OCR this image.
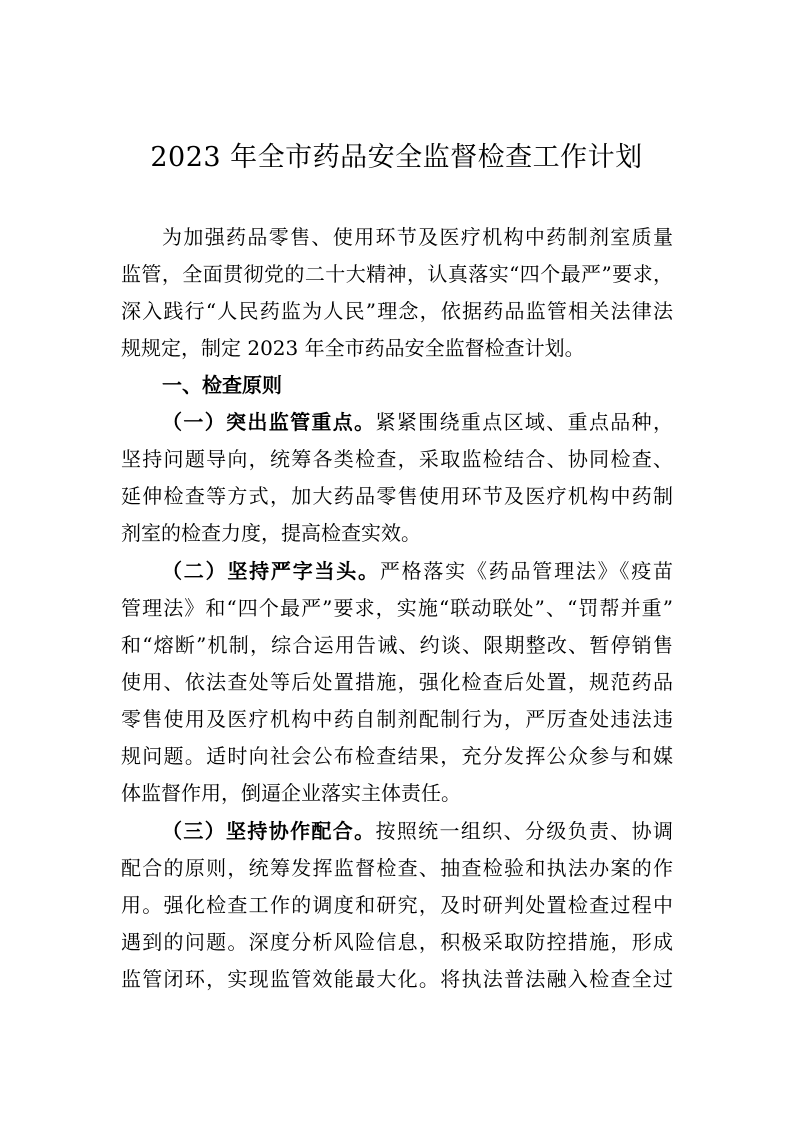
2023 年全市药品安全监督检查工作计划
为加强药品零售、使用环节及医疗机构中药制剂室质量
监管，全面贯彻党的二十大精神，认真落实“四个最严”要求，
深入践行“人民药监为人民”理念，依据药品监管相关法律法
规规定，制定 2023 年全市药品安全监督检查计划。
一、检查原则
（一）突出监管重点。紧紧围绕重点区域、重点品种，
坚持问题导向，统筹各类检查，采取监检结合、协同检查、
延伸检查等方式，加大药品零售使用环节及医疗机构中药制
剂室的检查力度，提高检查实效。
（二）坚持严字当头。严格落实《药品管理法》《疫苗
管理法》和“四个最严”要求，实施“联动联处”、“罚帮并重”
和“熔断”机制，综合运用告诫、约谈、限期整改、暂停销售
使用、依法查处等后处置措施，强化检查后处置，规范药品
零售使用及医疗机构中药自制剂配制行为，严厉查处违法违
规问题。适时向社会公布检查结果，充分发挥公众参与和媒
体监督作用，倒逼企业落实主体责任。
（三）坚持协作配合。按照统一组织、分级负责、协调
配合的原则，统筹发挥监督检查、抽查检验和执法办案的作
用。强化检查工作的调度和研究，及时研判处置检查过程中
遇到的问题。深度分析风险信息，积极采取防控措施，形成
监管闭环，实现监管效能最大化。将执法普法融入检查全过
